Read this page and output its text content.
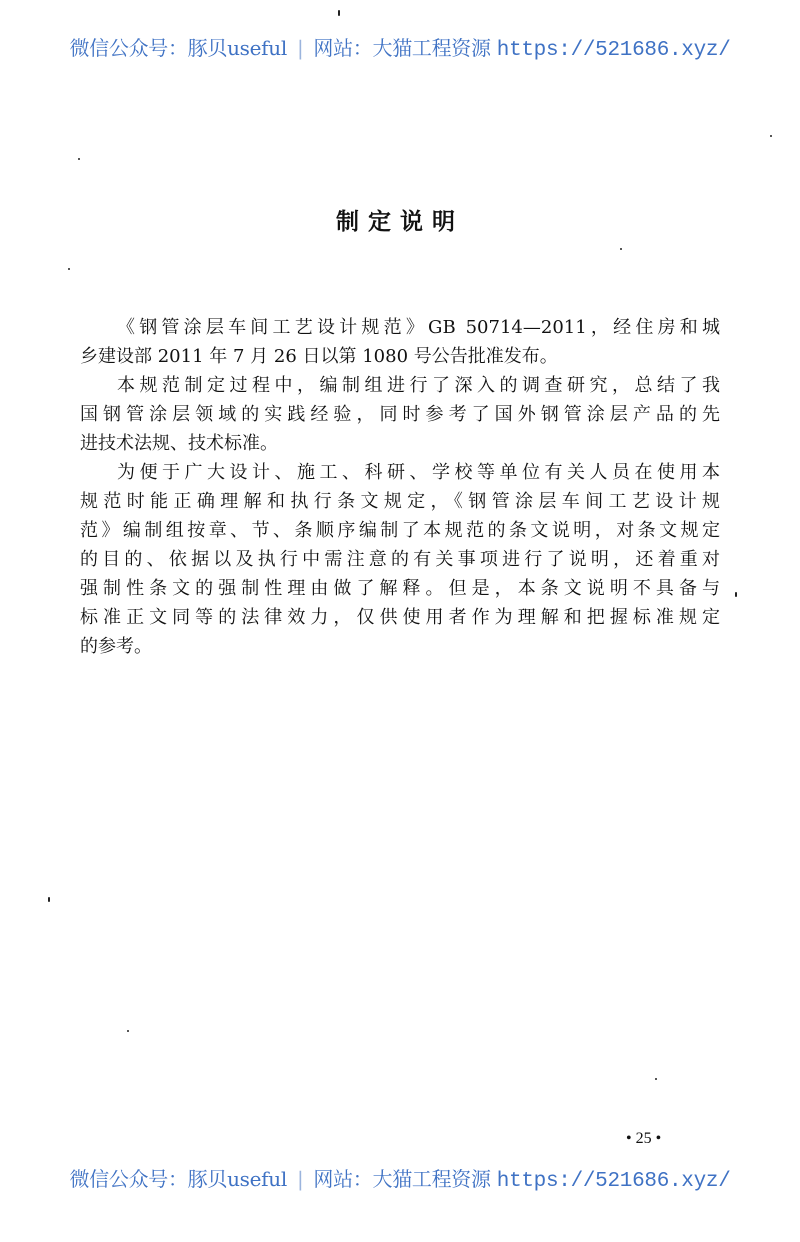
微信公众号：豚贝useful | 网站：大猫工程资源 https://521686.xyz/
制定说明
《钢管涂层车间工艺设计规范》GB 50714—2011，经住房和城
乡建设部 2011 年 7 月 26 日以第 1080 号公告批准发布。
本规范制定过程中，编制组进行了深入的调查研究，总结了我
国钢管涂层领域的实践经验，同时参考了国外钢管涂层产品的先
进技术法规、技术标准。
为便于广大设计、施工、科研、学校等单位有关人员在使用本
规范时能正确理解和执行条文规定，《钢管涂层车间工艺设计规
范》编制组按章、节、条顺序编制了本规范的条文说明，对条文规定
的目的、依据以及执行中需注意的有关事项进行了说明，还着重对
强制性条文的强制性理由做了解释。但是，本条文说明不具备与
标准正文同等的法律效力，仅供使用者作为理解和把握标准规定
的参考。
• 25 •
微信公众号：豚贝useful | 网站：大猫工程资源 https://521686.xyz/
